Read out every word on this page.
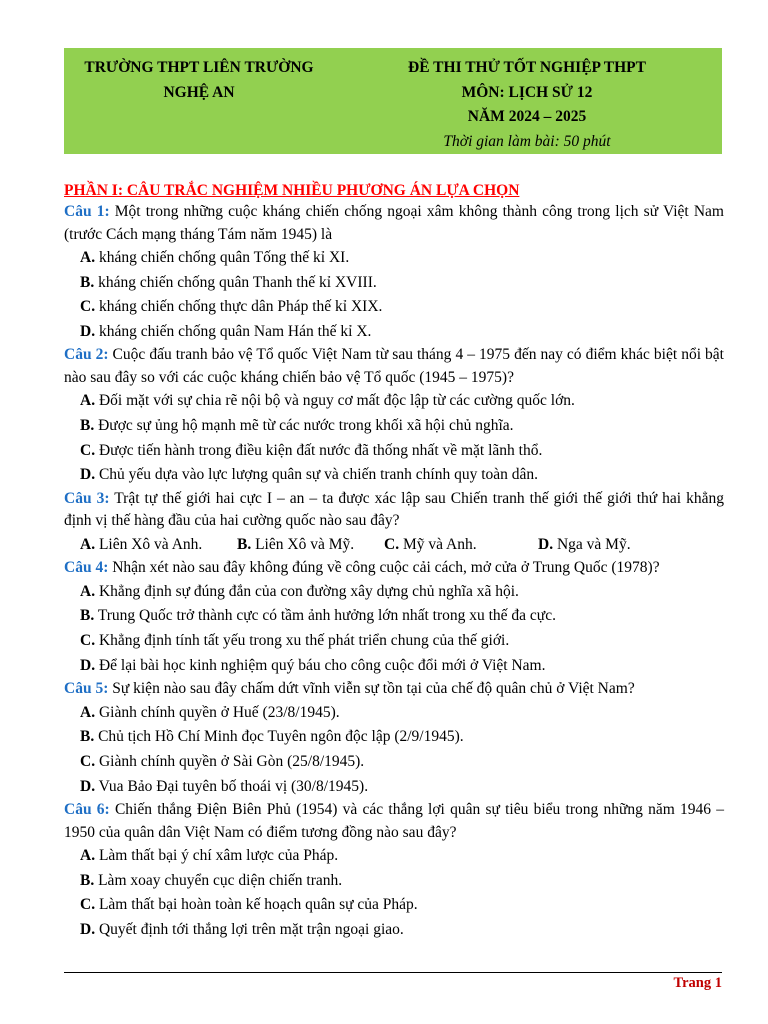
TRƯỜNG THPT LIÊN TRƯỜNG
NGHỆ AN
ĐỀ THI THỬ TỐT NGHIỆP THPT
MÔN: LỊCH SỬ 12
NĂM 2024 – 2025
Thời gian làm bài: 50 phút
PHẦN I: CÂU TRẮC NGHIỆM NHIỀU PHƯƠNG ÁN LỰA CHỌN
Câu 1: Một trong những cuộc kháng chiến chống ngoại xâm không thành công trong lịch sử Việt Nam (trước Cách mạng tháng Tám năm 1945) là
A. kháng chiến chống quân Tống thế kỉ XI.
B. kháng chiến chống quân Thanh thế kỉ XVIII.
C. kháng chiến chống thực dân Pháp thế kỉ XIX.
D. kháng chiến chống quân Nam Hán thế kỉ X.
Câu 2: Cuộc đấu tranh bảo vệ Tổ quốc Việt Nam từ sau tháng 4 – 1975 đến nay có điểm khác biệt nổi bật nào sau đây so với các cuộc kháng chiến bảo vệ Tổ quốc (1945 – 1975)?
A. Đối mặt với sự chia rẽ nội bộ và nguy cơ mất độc lập từ các cường quốc lớn.
B. Được sự ủng hộ mạnh mẽ từ các nước trong khối xã hội chủ nghĩa.
C. Được tiến hành trong điều kiện đất nước đã thống nhất về mặt lãnh thổ.
D. Chủ yếu dựa vào lực lượng quân sự và chiến tranh chính quy toàn dân.
Câu 3: Trật tự thế giới hai cực I – an – ta được xác lập sau Chiến tranh thế giới thế giới thứ hai khẳng định vị thế hàng đầu của hai cường quốc nào sau đây?
A. Liên Xô và Anh. B. Liên Xô và Mỹ. C. Mỹ và Anh.	D. Nga và Mỹ.
Câu 4: Nhận xét nào sau đây không đúng về công cuộc cải cách, mở cửa ở Trung Quốc (1978)?
A. Khẳng định sự đúng đắn của con đường xây dựng chủ nghĩa xã hội.
B. Trung Quốc trở thành cực có tầm ảnh hưởng lớn nhất trong xu thế đa cực.
C. Khẳng định tính tất yếu trong xu thế phát triển chung của thế giới.
D. Để lại bài học kinh nghiệm quý báu cho công cuộc đổi mới ở Việt Nam.
Câu 5: Sự kiện nào sau đây chấm dứt vĩnh viễn sự tồn tại của chế độ quân chủ ở Việt Nam?
A. Giành chính quyền ở Huế (23/8/1945).
B. Chủ tịch Hồ Chí Minh đọc Tuyên ngôn độc lập (2/9/1945).
C. Giành chính quyền ở Sài Gòn (25/8/1945).
D. Vua Bảo Đại tuyên bố thoái vị (30/8/1945).
Câu 6: Chiến thắng Điện Biên Phủ (1954) và các thắng lợi quân sự tiêu biểu trong những năm 1946 – 1950 của quân dân Việt Nam có điểm tương đồng nào sau đây?
A. Làm thất bại ý chí xâm lược của Pháp.
B. Làm xoay chuyển cục diện chiến tranh.
C. Làm thất bại hoàn toàn kế hoạch quân sự của Pháp.
D. Quyết định tới thắng lợi trên mặt trận ngoại giao.
Trang 1
